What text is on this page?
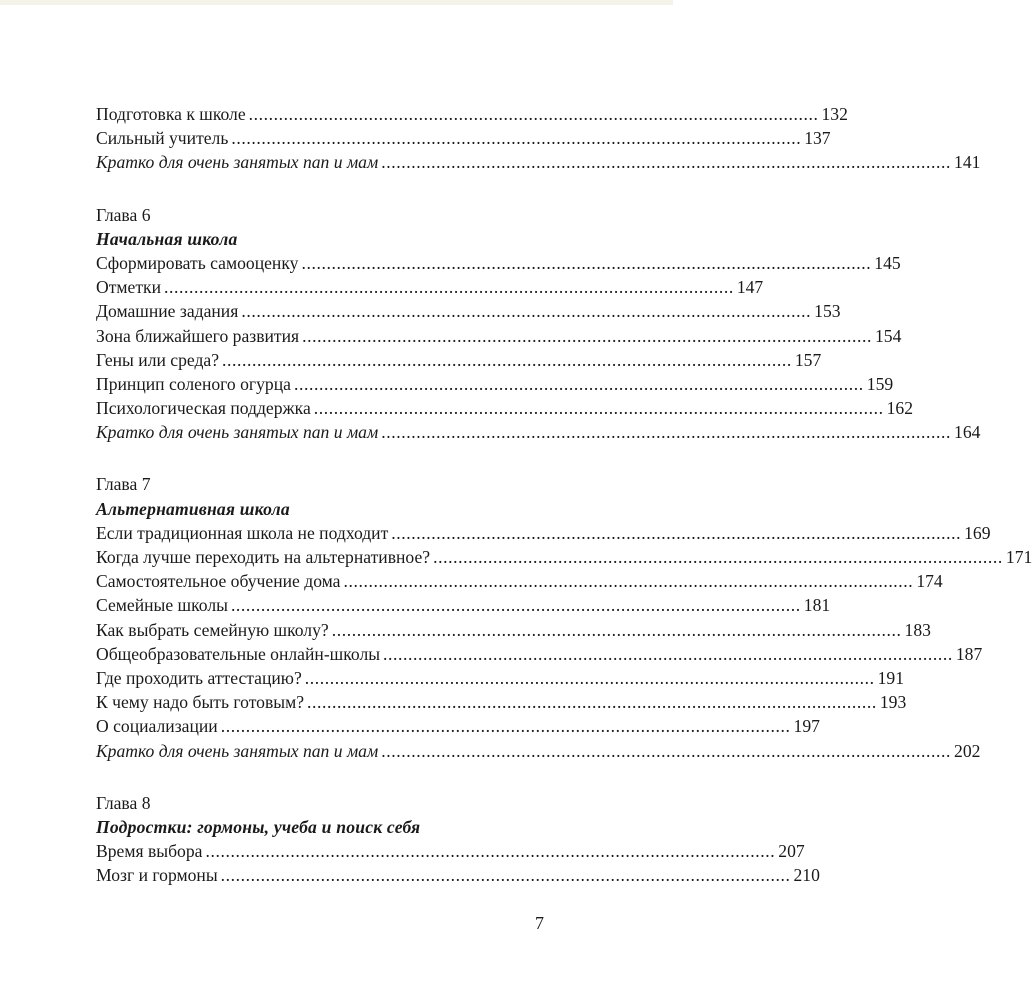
Подготовка к школе .................................................................................................................. 132
Сильный учитель .................................................................................................................. 137
Кратко для очень занятых пап и мам .................................................................................................................. 141
Глава 6
Начальная школа
Сформировать самооценку .................................................................................................................. 145
Отметки .................................................................................................................. 147
Домашние задания .................................................................................................................. 153
Зона ближайшего развития .................................................................................................................. 154
Гены или среда? .................................................................................................................. 157
Принцип соленого огурца .................................................................................................................. 159
Психологическая поддержка .................................................................................................................. 162
Кратко для очень занятых пап и мам .................................................................................................................. 164
Глава 7
Альтернативная школа
Если традиционная школа не подходит .................................................................................................................. 169
Когда лучше переходить на альтернативное? .................................................................................................................. 171
Самостоятельное обучение дома .................................................................................................................. 174
Семейные школы .................................................................................................................. 181
Как выбрать семейную школу? .................................................................................................................. 183
Общеобразовательные онлайн-школы .................................................................................................................. 187
Где проходить аттестацию? .................................................................................................................. 191
К чему надо быть готовым? .................................................................................................................. 193
О социализации .................................................................................................................. 197
Кратко для очень занятых пап и мам .................................................................................................................. 202
Глава 8
Подростки: гормоны, учеба и поиск себя
Время выбора .................................................................................................................. 207
Мозг и гормоны .................................................................................................................. 210
7
